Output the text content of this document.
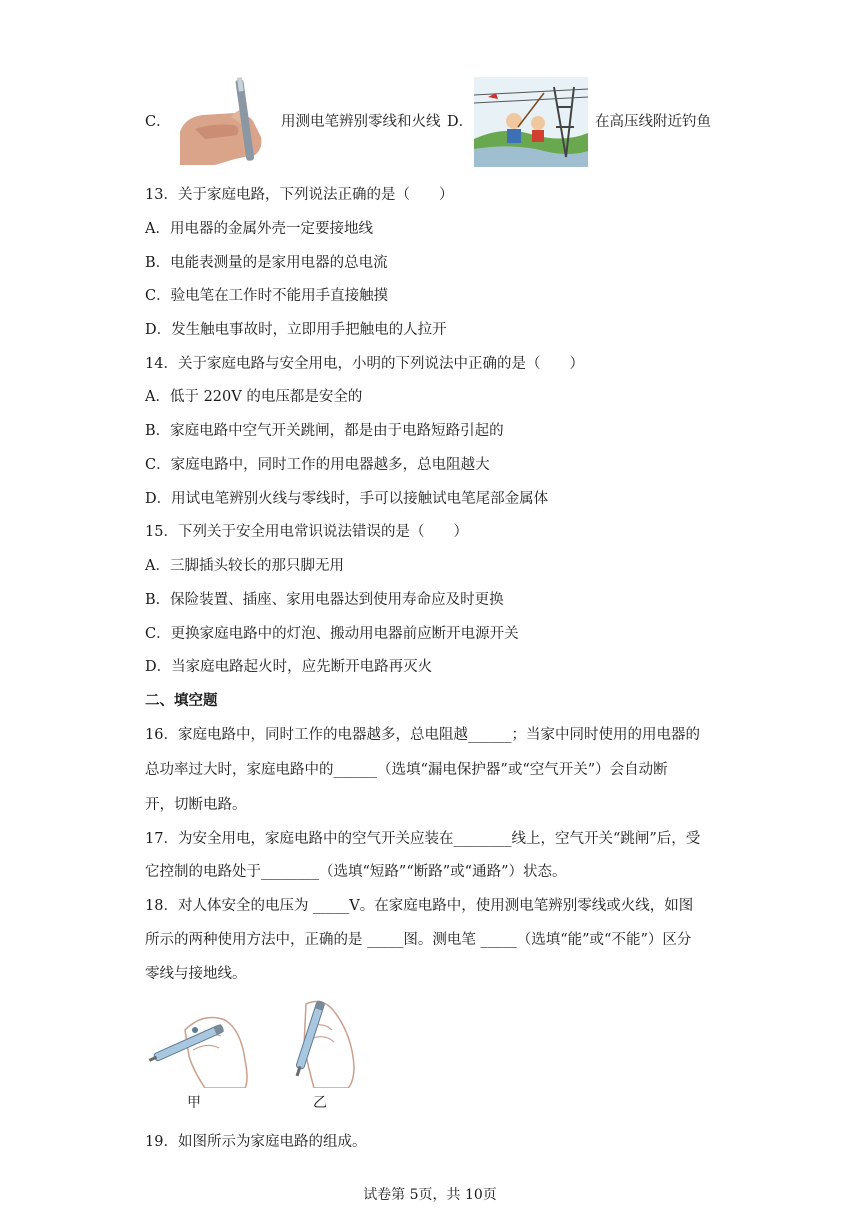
C．	用测电笔辨别零线和火线 D．	在高压线附近钓鱼
13．关于家庭电路，下列说法正确的是（　　）
A．用电器的金属外壳一定要接地线
B．电能表测量的是家用电器的总电流
C．验电笔在工作时不能用手直接触摸
D．发生触电事故时，立即用手把触电的人拉开
14．关于家庭电路与安全用电，小明的下列说法中正确的是（　　）
A．低于 220V 的电压都是安全的
B．家庭电路中空气开关跳闸，都是由于电路短路引起的
C．家庭电路中，同时工作的用电器越多，总电阻越大
D．用试电笔辨别火线与零线时，手可以接触试电笔尾部金属体
15．下列关于安全用电常识说法错误的是（　　）
A．三脚插头较长的那只脚无用
B．保险装置、插座、家用电器达到使用寿命应及时更换
C．更换家庭电路中的灯泡、搬动用电器前应断开电源开关
D．当家庭电路起火时，应先断开电路再灭火
二、填空题
16．家庭电路中，同时工作的电器越多，总电阻越______；当家中同时使用的用电器的
总功率过大时，家庭电路中的______（选填“漏电保护器”或“空气开关”）会自动断
开，切断电路。
17．为安全用电，家庭电路中的空气开关应装在________线上，空气开关“跳闸”后，受
它控制的电路处于________（选填“短路”“断路”或“通路”）状态。
18．对人体安全的电压为 _____V。在家庭电路中，使用测电笔辨别零线或火线，如图
所示的两种使用方法中，正确的是 _____图。测电笔 _____（选填“能”或“不能”）区分
零线与接地线。
甲	乙
19．如图所示为家庭电路的组成。
试卷第 5页，共 10页
